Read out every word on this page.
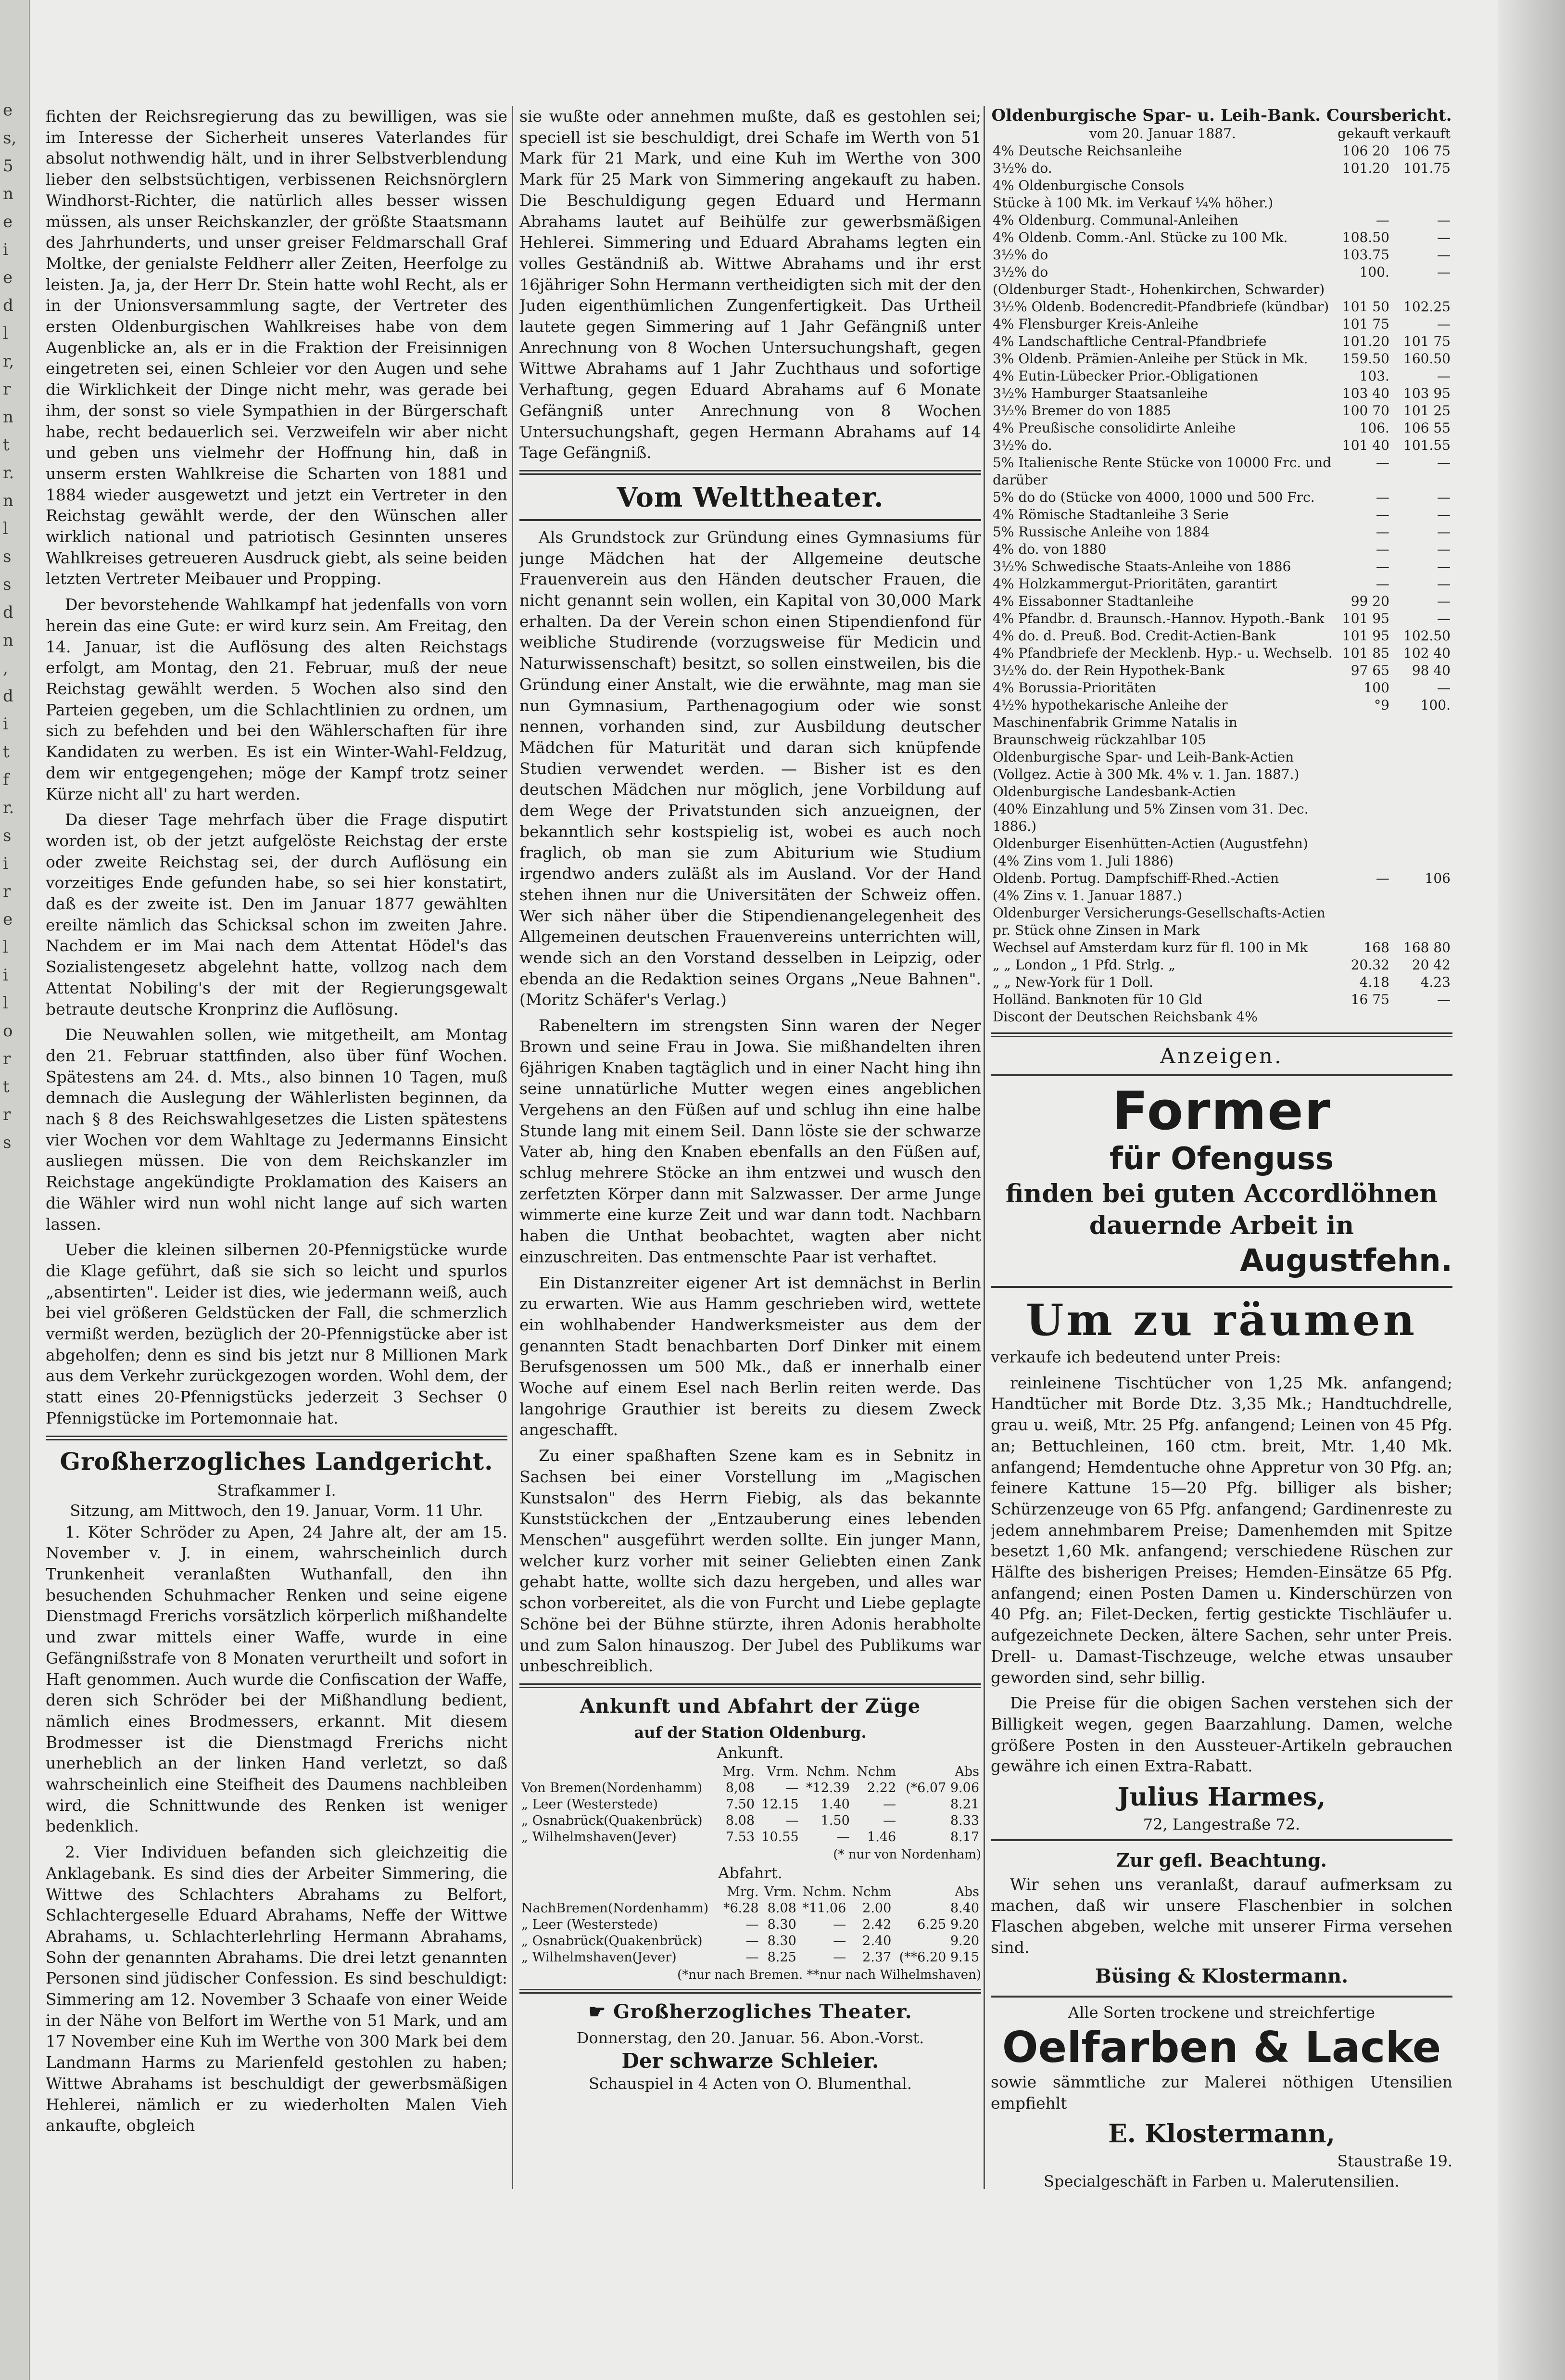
e
s,
5
n
e
i
e
d
l
r,
r
n
t
r.
n
l
s
s
d
n
,
d
i
t
f
r.
s
i
r
e
l
i
l
o
r
t
r
s

fichten der Reichsregierung das zu bewilligen, was sie im Interesse der Sicherheit unseres Vaterlandes für absolut nothwendig hält, und in ihrer Selbstverblendung lieber den selbstsüchtigen, verbissenen Reichsnörglern Windhorst-Richter, die natürlich alles besser wissen müssen, als unser Reichskanzler, der größte Staatsmann des Jahrhunderts, und unser greiser Feldmarschall Graf Moltke, der genialste Feldherr aller Zeiten, Heerfolge zu leisten. Ja, ja, der Herr Dr. Stein hatte wohl Recht, als er in der Unionsversammlung sagte, der Vertreter des ersten Oldenburgischen Wahlkreises habe von dem Augenblicke an, als er in die Fraktion der Freisinnigen eingetreten sei, einen Schleier vor den Augen und sehe die Wirklichkeit der Dinge nicht mehr, was gerade bei ihm, der sonst so viele Sympathien in der Bürgerschaft habe, recht bedauerlich sei. Verzweifeln wir aber nicht und geben uns vielmehr der Hoffnung hin, daß in unserm ersten Wahlkreise die Scharten von 1881 und 1884 wieder ausgewetzt und jetzt ein Vertreter in den Reichstag gewählt werde, der den Wünschen aller wirklich national und patriotisch Gesinnten unseres Wahlkreises getreueren Ausdruck giebt, als seine beiden letzten Vertreter Meibauer und Propping.

Der bevorstehende Wahlkampf hat jedenfalls von vorn herein das eine Gute: er wird kurz sein. Am Freitag, den 14. Januar, ist die Auflösung des alten Reichstags erfolgt, am Montag, den 21. Februar, muß der neue Reichstag gewählt werden. 5 Wochen also sind den Parteien gegeben, um die Schlachtlinien zu ordnen, um sich zu befehden und bei den Wählerschaften für ihre Kandidaten zu werben. Es ist ein Winter-Wahl-Feldzug, dem wir entgegengehen; möge der Kampf trotz seiner Kürze nicht all' zu hart werden.

Da dieser Tage mehrfach über die Frage disputirt worden ist, ob der jetzt aufgelöste Reichstag der erste oder zweite Reichstag sei, der durch Auflösung ein vorzeitiges Ende gefunden habe, so sei hier konstatirt, daß es der zweite ist. Den im Januar 1877 gewählten ereilte nämlich das Schicksal schon im zweiten Jahre. Nachdem er im Mai nach dem Attentat Hödel's das Sozialistengesetz abgelehnt hatte, vollzog nach dem Attentat Nobiling's der mit der Regierungsgewalt betraute deutsche Kronprinz die Auflösung.

Die Neuwahlen sollen, wie mitgetheilt, am Montag den 21. Februar stattfinden, also über fünf Wochen. Spätestens am 24. d. Mts., also binnen 10 Tagen, muß demnach die Auslegung der Wählerlisten beginnen, da nach § 8 des Reichswahlgesetzes die Listen spätestens vier Wochen vor dem Wahltage zu Jedermanns Einsicht ausliegen müssen. Die von dem Reichskanzler im Reichstage angekündigte Proklamation des Kaisers an die Wähler wird nun wohl nicht lange auf sich warten lassen.

Ueber die kleinen silbernen 20-Pfennigstücke wurde die Klage geführt, daß sie sich so leicht und spurlos „absentirten". Leider ist dies, wie jedermann weiß, auch bei viel größeren Geldstücken der Fall, die schmerzlich vermißt werden, bezüglich der 20-Pfennigstücke aber ist abgeholfen; denn es sind bis jetzt nur 8 Millionen Mark aus dem Verkehr zurückgezogen worden. Wohl dem, der statt eines 20-Pfennigstücks jederzeit 3 Sechser 0 Pfennigstücke im Portemonnaie hat.

Großherzogliches Landgericht.
Strafkammer I.
Sitzung, am Mittwoch, den 19. Januar, Vorm. 11 Uhr.

1. Köter Schröder zu Apen, 24 Jahre alt, der am 15. November v. J. in einem, wahrscheinlich durch Trunkenheit veranlaßten Wuthanfall, den ihn besuchenden Schuhmacher Renken und seine eigene Dienstmagd Frerichs vorsätzlich körperlich mißhandelte und zwar mittels einer Waffe, wurde in eine Gefängnißstrafe von 8 Monaten verurtheilt und sofort in Haft genommen. Auch wurde die Confiscation der Waffe, deren sich Schröder bei der Mißhandlung bedient, nämlich eines Brodmessers, erkannt. Mit diesem Brodmesser ist die Dienstmagd Frerichs nicht unerheblich an der linken Hand verletzt, so daß wahrscheinlich eine Steifheit des Daumens nachbleiben wird, die Schnittwunde des Renken ist weniger bedenklich.

2. Vier Individuen befanden sich gleichzeitig die Anklagebank. Es sind dies der Arbeiter Simmering, die Wittwe des Schlachters Abrahams zu Belfort, Schlachtergeselle Eduard Abrahams, Neffe der Wittwe Abrahams, u. Schlachterlehrling Hermann Abrahams, Sohn der genannten Abrahams. Die drei letzt genannten Personen sind jüdischer Confession. Es sind beschuldigt: Simmering am 12. November 3 Schaafe von einer Weide in der Nähe von Belfort im Werthe von 51 Mark, und am 17 November eine Kuh im Werthe von 300 Mark bei dem Landmann Harms zu Marienfeld gestohlen zu haben; Wittwe Abrahams ist beschuldigt der gewerbsmäßigen Hehlerei, nämlich er zu wiederholten Malen Vieh ankaufte, obgleich

sie wußte oder annehmen mußte, daß es gestohlen sei; speciell ist sie beschuldigt, drei Schafe im Werth von 51 Mark für 21 Mark, und eine Kuh im Werthe von 300 Mark für 25 Mark von Simmering angekauft zu haben. Die Beschuldigung gegen Eduard und Hermann Abrahams lautet auf Beihülfe zur gewerbsmäßigen Hehlerei. Simmering und Eduard Abrahams legten ein volles Geständniß ab. Wittwe Abrahams und ihr erst 16jähriger Sohn Hermann vertheidigten sich mit der den Juden eigenthümlichen Zungenfertigkeit. Das Urtheil lautete gegen Simmering auf 1 Jahr Gefängniß unter Anrechnung von 8 Wochen Untersuchungshaft, gegen Wittwe Abrahams auf 1 Jahr Zuchthaus und sofortige Verhaftung, gegen Eduard Abrahams auf 6 Monate Gefängniß unter Anrechnung von 8 Wochen Untersuchungshaft, gegen Hermann Abrahams auf 14 Tage Gefängniß.

Vom Welttheater.

Als Grundstock zur Gründung eines Gymnasiums für junge Mädchen hat der Allgemeine deutsche Frauenverein aus den Händen deutscher Frauen, die nicht genannt sein wollen, ein Kapital von 30,000 Mark erhalten. Da der Verein schon einen Stipendienfond für weibliche Studirende (vorzugsweise für Medicin und Naturwissenschaft) besitzt, so sollen einstweilen, bis die Gründung einer Anstalt, wie die erwähnte, mag man sie nun Gymnasium, Parthenagogium oder wie sonst nennen, vorhanden sind, zur Ausbildung deutscher Mädchen für Maturität und daran sich knüpfende Studien verwendet werden. — Bisher ist es den deutschen Mädchen nur möglich, jene Vorbildung auf dem Wege der Privatstunden sich anzueignen, der bekanntlich sehr kostspielig ist, wobei es auch noch fraglich, ob man sie zum Abiturium wie Studium irgendwo anders zuläßt als im Ausland. Vor der Hand stehen ihnen nur die Universitäten der Schweiz offen. Wer sich näher über die Stipendienangelegenheit des Allgemeinen deutschen Frauenvereins unterrichten will, wende sich an den Vorstand desselben in Leipzig, oder ebenda an die Redaktion seines Organs „Neue Bahnen". (Moritz Schäfer's Verlag.)

Rabeneltern im strengsten Sinn waren der Neger Brown und seine Frau in Jowa. Sie mißhandelten ihren 6jährigen Knaben tagtäglich und in einer Nacht hing ihn seine unnatürliche Mutter wegen eines angeblichen Vergehens an den Füßen auf und schlug ihn eine halbe Stunde lang mit einem Seil. Dann löste sie der schwarze Vater ab, hing den Knaben ebenfalls an den Füßen auf, schlug mehrere Stöcke an ihm entzwei und wusch den zerfetzten Körper dann mit Salzwasser. Der arme Junge wimmerte eine kurze Zeit und war dann todt. Nachbarn haben die Unthat beobachtet, wagten aber nicht einzuschreiten. Das entmenschte Paar ist verhaftet.

Ein Distanzreiter eigener Art ist demnächst in Berlin zu erwarten. Wie aus Hamm geschrieben wird, wettete ein wohlhabender Handwerksmeister aus dem der genannten Stadt benachbarten Dorf Dinker mit einem Berufsgenossen um 500 Mk., daß er innerhalb einer Woche auf einem Esel nach Berlin reiten werde. Das langohrige Grauthier ist bereits zu diesem Zweck angeschafft.

Zu einer spaßhaften Szene kam es in Sebnitz in Sachsen bei einer Vorstellung im „Magischen Kunstsalon" des Herrn Fiebig, als das bekannte Kunststückchen der „Entzauberung eines lebenden Menschen" ausgeführt werden sollte. Ein junger Mann, welcher kurz vorher mit seiner Geliebten einen Zank gehabt hatte, wollte sich dazu hergeben, und alles war schon vorbereitet, als die von Furcht und Liebe geplagte Schöne bei der Bühne stürzte, ihren Adonis herabholte und zum Salon hinauszog. Der Jubel des Publikums war unbeschreiblich.

Ankunft und Abfahrt der Züge
auf der Station Oldenburg.
Ankunft.
	Mrg.	Vrm.	Nchm.	Nchm	Abs
Von Bremen(Nordenhamm)	8,08	—	*12.39	2.22	(*6.07 9.06
„ Leer (Westerstede)	7.50	12.15	1.40	—	8.21
„ Osnabrück(Quakenbrück)	8.08	—	1.50	—	8.33
„ Wilhelmshaven(Jever)	7.53	10.55	—	1.46	8.17
(* nur von Nordenham)
Abfahrt.
	Mrg.	Vrm.	Nchm.	Nchm	Abs
NachBremen(Nordenhamm)	*6.28	8.08	*11.06	2.00	8.40
„ Leer (Westerstede)	—	8.30	—	2.42	6.25 9.20
„ Osnabrück(Quakenbrück)	—	8.30	—	2.40	9.20
„ Wilhelmshaven(Jever)	—	8.25	—	2.37	(**6.20 9.15
(*nur nach Bremen. **nur nach Wilhelmshaven)
☛ Großherzogliches Theater.
Donnerstag, den 20. Januar. 56. Abon.-Vorst.
Der schwarze Schleier.
Schauspiel in 4 Acten von O. Blumenthal.
Oldenburgische Spar- u. Leih-Bank. Coursbericht.
vom 20. Januar 1887.	gekauft	verkauft
4% Deutsche Reichsanleihe	106 20	106 75
3½% do.	101.20	101.75
4% Oldenburgische Consols		
Stücke à 100 Mk. im Verkauf ¼% höher.)		
4% Oldenburg. Communal-Anleihen	—	—
4% Oldenb. Comm.-Anl. Stücke zu 100 Mk.	108.50	—
3½% do	103.75	—
3½% do	100.	—
(Oldenburger Stadt-, Hohenkirchen, Schwarder)		
3½% Oldenb. Bodencredit-Pfandbriefe (kündbar)	101 50	102.25
4% Flensburger Kreis-Anleihe	101 75	—
4% Landschaftliche Central-Pfandbriefe	101.20	101 75
3% Oldenb. Prämien-Anleihe per Stück in Mk.	159.50	160.50
4% Eutin-Lübecker Prior.-Obligationen	103.	—
3½% Hamburger Staatsanleihe	103 40	103 95
3½% Bremer do von 1885	100 70	101 25
4% Preußische consolidirte Anleihe	106.	106 55
3½% do.	101 40	101.55
5% Italienische Rente Stücke von 10000 Frc. und darüber	—	—
5% do do (Stücke von 4000, 1000 und 500 Frc.	—	—
4% Römische Stadtanleihe 3 Serie	—	—
5% Russische Anleihe von 1884	—	—
4% do. von 1880	—	—
3½% Schwedische Staats-Anleihe von 1886	—	—
4% Holzkammergut-Prioritäten, garantirt	—	—
4% Eissabonner Stadtanleihe	99 20	—
4% Pfandbr. d. Braunsch.-Hannov. Hypoth.-Bank	101 95	—
4% do. d. Preuß. Bod. Credit-Actien-Bank	101 95	102.50
4% Pfandbriefe der Mecklenb. Hyp.- u. Wechselb.	101 85	102 40
3½% do. der Rein Hypothek-Bank	97 65	98 40
4% Borussia-Prioritäten	100	—
4½% hypothekarische Anleihe der Maschinenfabrik Grimme Natalis in Braunschweig rückzahlbar 105	°9	100.
Oldenburgische Spar- und Leih-Bank-Actien		
(Vollgez. Actie à 300 Mk. 4% v. 1. Jan. 1887.)		
Oldenburgische Landesbank-Actien		
(40% Einzahlung und 5% Zinsen vom 31. Dec. 1886.)		
Oldenburger Eisenhütten-Actien (Augustfehn)		
(4% Zins vom 1. Juli 1886)		
Oldenb. Portug. Dampfschiff-Rhed.-Actien	—	106
(4% Zins v. 1. Januar 1887.)		
Oldenburger Versicherungs-Gesellschafts-Actien pr. Stück ohne Zinsen in Mark		
Wechsel auf Amsterdam kurz für fl. 100 in Mk	168	168 80
„ „ London „ 1 Pfd. Strlg. „	20.32	20 42
„ „ New-York für 1 Doll.	4.18	4.23
Holländ. Banknoten für 10 Gld	16 75	—
Discont der Deutschen Reichsbank 4%		
Anzeigen.
Former
für Ofenguss
finden bei guten Accordlöhnen
dauernde Arbeit in
Augustfehn.
Um zu räumen

verkaufe ich bedeutend unter Preis:

reinleinene Tischtücher von 1,25 Mk. anfangend; Handtücher mit Borde Dtz. 3,35 Mk.; Handtuchdrelle, grau u. weiß, Mtr. 25 Pfg. anfangend; Leinen von 45 Pfg. an; Bettuchleinen, 160 ctm. breit, Mtr. 1,40 Mk. anfangend; Hemdentuche ohne Appretur von 30 Pfg. an; feinere Kattune 15—20 Pfg. billiger als bisher; Schürzenzeuge von 65 Pfg. anfangend; Gardinenreste zu jedem annehmbarem Preise; Damenhemden mit Spitze besetzt 1,60 Mk. anfangend; verschiedene Rüschen zur Hälfte des bisherigen Preises; Hemden-Einsätze 65 Pfg. anfangend; einen Posten Damen u. Kinderschürzen von 40 Pfg. an; Filet-Decken, fertig gestickte Tischläufer u. aufgezeichnete Decken, ältere Sachen, sehr unter Preis. Drell- u. Damast-Tischzeuge, welche etwas unsauber geworden sind, sehr billig.

Die Preise für die obigen Sachen verstehen sich der Billigkeit wegen, gegen Baarzahlung. Damen, welche größere Posten in den Aussteuer-Artikeln gebrauchen gewähre ich einen Extra-Rabatt.

Julius Harmes,
72, Langestraße 72.
Zur gefl. Beachtung.

Wir sehen uns veranlaßt, darauf aufmerksam zu machen, daß wir unsere Flaschenbier in solchen Flaschen abgeben, welche mit unserer Firma versehen sind.

Büsing & Klostermann.
Alle Sorten trockene und streichfertige
Oelfarben & Lacke

sowie sämmtliche zur Malerei nöthigen Utensilien empfiehlt

E. Klostermann,
Staustraße 19.
Specialgeschäft in Farben u. Malerutensilien.
